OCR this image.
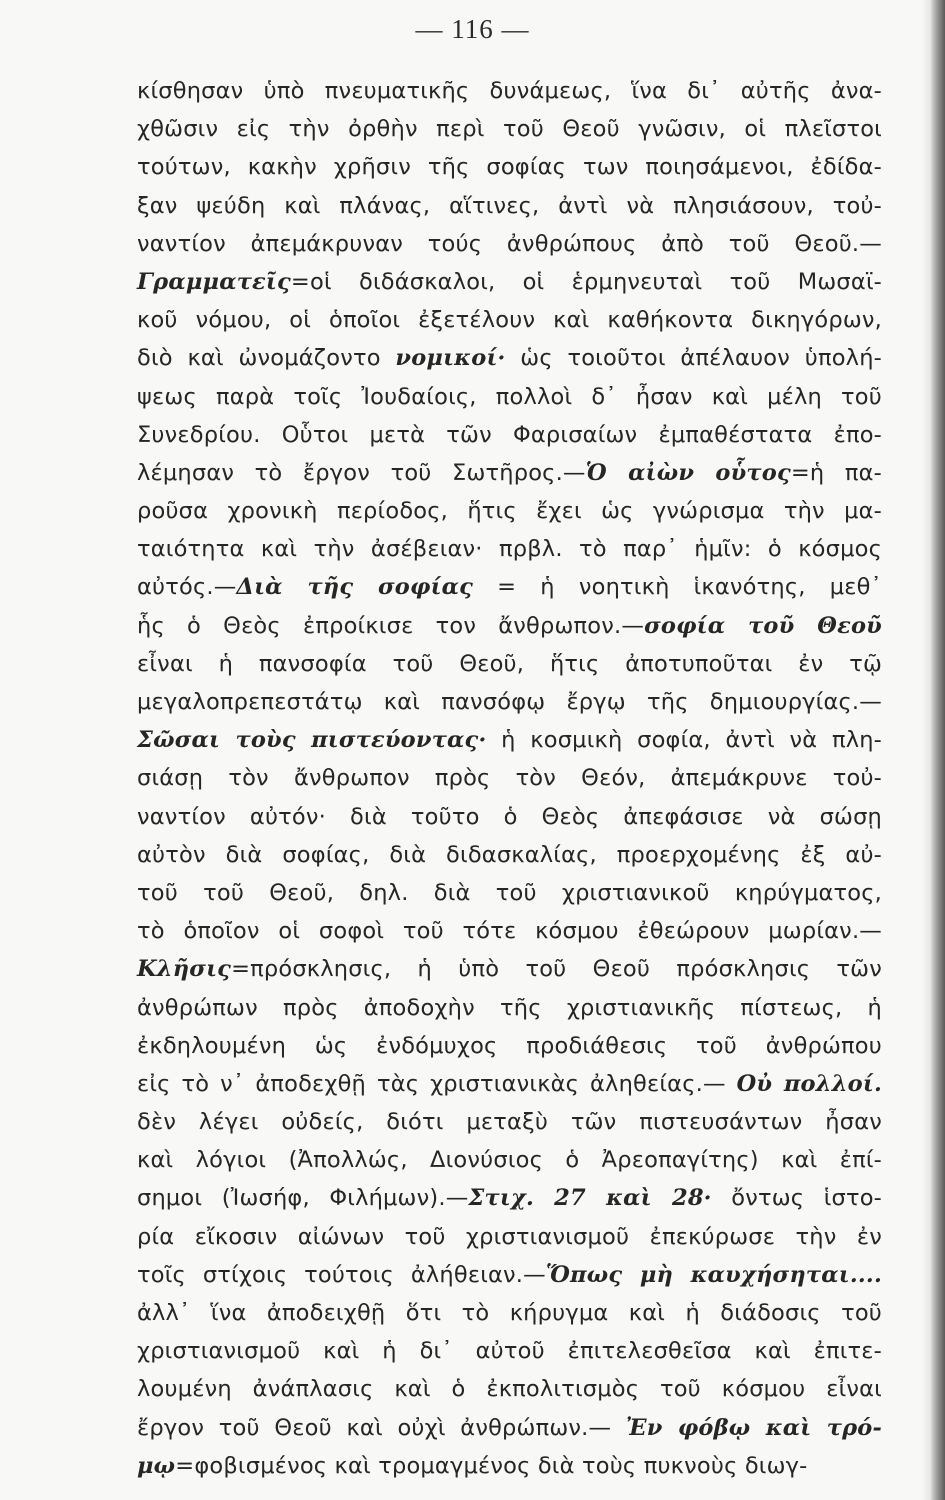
— 116 —
κίσθησαν ὑπὸ πνευματικῆς δυνάμεως, ἵνα δι᾽ αὐτῆς ἀνα-
χθῶσιν εἰς τὴν ὀρθὴν περὶ τοῦ Θεοῦ γνῶσιν, οἱ πλεῖστοι
τούτων, κακὴν χρῆσιν τῆς σοφίας των ποιησάμενοι, ἐδίδα-
ξαν ψεύδη καὶ πλάνας, αἵτινες, ἀντὶ νὰ πλησιάσουν, τοὐ-
ναντίον ἀπεμάκρυναν τούς ἀνθρώπους ἀπὸ τοῦ Θεοῦ.—
Γραμματεῖς=οἱ διδάσκαλοι, οἱ ἑρμηνευταὶ τοῦ Μωσαϊ-
κοῦ νόμου, οἱ ὁποῖοι ἐξετέλουν καὶ καθήκοντα δικηγόρων,
διὸ καὶ ὠνομάζοντο νομικοί· ὡς τοιοῦτοι ἀπέλαυον ὑπολή-
ψεως παρὰ τοῖς Ἰουδαίοις, πολλοὶ δ᾽ ἦσαν καὶ μέλη τοῦ
Συνεδρίου. Οὗτοι μετὰ τῶν Φαρισαίων ἐμπαθέστατα ἐπο-
λέμησαν τὸ ἔργον τοῦ Σωτῆρος.—Ὁ αἰὼν οὗτος=ἡ πα-
ροῦσα χρονικὴ περίοδος, ἥτις ἔχει ὡς γνώρισμα τὴν μα-
ταιότητα καὶ τὴν ἀσέβειαν· πρβλ. τὸ παρ᾽ ἡμῖν: ὁ κόσμος
αὐτός.—Διὰ τῆς σοφίας = ἡ νοητικὴ ἱκανότης, μεθ᾽
ἧς ὁ Θεὸς ἐπροίκισε τον ἄνθρωπον.—σοφία τοῦ Θεοῦ
εἶναι ἡ πανσοφία τοῦ Θεοῦ, ἥτις ἀποτυποῦται ἐν τῷ
μεγαλοπρεπεστάτῳ καὶ πανσόφῳ ἔργῳ τῆς δημιουργίας.—
Σῶσαι τοὺς πιστεύοντας· ἡ κοσμικὴ σοφία, ἀντὶ νὰ πλη-
σιάσῃ τὸν ἄνθρωπον πρὸς τὸν Θεόν, ἀπεμάκρυνε τοὐ-
ναντίον αὐτόν· διὰ τοῦτο ὁ Θεὸς ἀπεφάσισε νὰ σώσῃ
αὐτὸν διὰ σοφίας, διὰ διδασκαλίας, προερχομένης ἐξ αὐ-
τοῦ τοῦ Θεοῦ, δηλ. διὰ τοῦ χριστιανικοῦ κηρύγματος,
τὸ ὁποῖον οἱ σοφοὶ τοῦ τότε κόσμου ἐθεώρουν μωρίαν.—
Κλῆσις=πρόσκλησις, ἡ ὑπὸ τοῦ Θεοῦ πρόσκλησις τῶν
ἀνθρώπων πρὸς ἀποδοχὴν τῆς χριστιανικῆς πίστεως, ἡ
ἐκδηλουμένη ὡς ἐνδόμυχος προδιάθεσις τοῦ ἀνθρώπου
εἰς τὸ ν᾽ ἀποδεχθῇ τὰς χριστιανικὰς ἀληθείας.— Οὐ πολλοί.
δὲν λέγει οὐδείς, διότι μεταξὺ τῶν πιστευσάντων ἦσαν
καὶ λόγιοι (Ἀπολλώς, Διονύσιος ὁ Ἀρεοπαγίτης) καὶ ἐπί-
σημοι (Ἰωσήφ, Φιλήμων).—Στιχ. 27 καὶ 28· ὄντως ἱστο-
ρία εἴκοσιν αἰώνων τοῦ χριστιανισμοῦ ἐπεκύρωσε τὴν ἐν
τοῖς στίχοις τούτοις ἀλήθειαν.—Ὅπως μὴ καυχήσηται....
ἀλλ᾽ ἵνα ἀποδειχθῇ ὅτι τὸ κήρυγμα καὶ ἡ διάδοσις τοῦ
χριστιανισμοῦ καὶ ἡ δι᾽ αὐτοῦ ἐπιτελεσθεῖσα καὶ ἐπιτε-
λουμένη ἀνάπλασις καὶ ὁ ἐκπολιτισμὸς τοῦ κόσμου εἶναι
ἔργον τοῦ Θεοῦ καὶ οὐχὶ ἀνθρώπων.— Ἐν φόβῳ καὶ τρό-
μῳ=φοβισμένος καὶ τρομαγμένος διὰ τοὺς πυκνοὺς διωγ-
